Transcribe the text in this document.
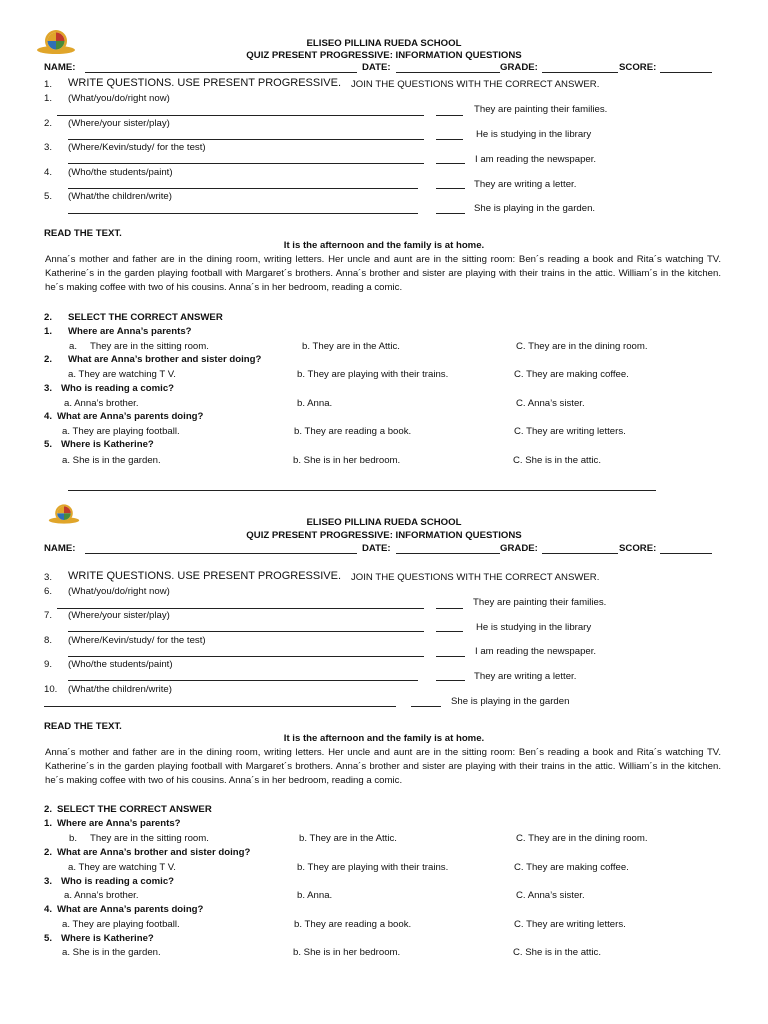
ELISEO PILLINA RUEDA SCHOOL
QUIZ PRESENT PROGRESSIVE: INFORMATION QUESTIONS
NAME:	DATE:	GRADE:	SCORE:
1. WRITE QUESTIONS. USE PRESENT PROGRESSIVE. JOIN THE QUESTIONS WITH THE CORRECT ANSWER.
1. (What/you/do/right now)
They are painting their families.
2. (Where/your sister/play)
He is studying in the library
3. (Where/Kevin/study/ for the test)
I am reading the newspaper.
4. (Who/the students/paint)
They are writing a letter.
5. (What/the children/write)
She is playing in the garden.
READ THE TEXT.
It is the afternoon and the family is at home.
Anna´s mother and father are in the dining room, writing letters. Her uncle and aunt are in the sitting room: Ben´s reading a book and Rita´s watching TV. Katherine´s in the garden playing football with Margaret´s brothers. Anna´s brother and sister are playing with their trains in the attic. William´s in the kitchen. he´s making coffee with two of his cousins. Anna´s in her bedroom, reading a comic.
2. SELECT THE CORRECT ANSWER
1. Where are Anna’s parents?
a. They are in the sitting room.	b. They are in the Attic.	C. They are in the dining room.
2. What are Anna’s brother and sister doing?
a. They are watching T V.	b. They are playing with their trains.	C. They are making coffee.
3. Who is reading a comic?
a. Anna’s brother.	b. Anna.	C. Anna’s sister.
4. What are Anna’s parents doing?
a. They are playing football.	b. They are reading a book.	C. They are writing letters.
5. Where is Katherine?
a. She is in the garden.	b. She is in her bedroom.	C. She is in the attic.
ELISEO PILLINA RUEDA SCHOOL
QUIZ PRESENT PROGRESSIVE: INFORMATION QUESTIONS
NAME:	DATE:	GRADE:	SCORE:
3. WRITE QUESTIONS. USE PRESENT PROGRESSIVE. JOIN THE QUESTIONS WITH THE CORRECT ANSWER.
6. (What/you/do/right now)
They are painting their families.
7. (Where/your sister/play)
He is studying in the library
8. (Where/Kevin/study/ for the test)
I am reading the newspaper.
9. (Who/the students/paint)
They are writing a letter.
10. (What/the children/write)
She is playing in the garden
READ THE TEXT.
It is the afternoon and the family is at home.
Anna´s mother and father are in the dining room, writing letters. Her uncle and aunt are in the sitting room: Ben´s reading a book and Rita´s watching TV. Katherine´s in the garden playing football with Margaret´s brothers. Anna´s brother and sister are playing with their trains in the attic. William´s in the kitchen. he´s making coffee with two of his cousins. Anna´s in her bedroom, reading a comic.
2. SELECT THE CORRECT ANSWER
1. Where are Anna’s parents?
b. They are in the sitting room.	b. They are in the Attic.	C. They are in the dining room.
2. What are Anna’s brother and sister doing?
a. They are watching T V.	b. They are playing with their trains.	C. They are making coffee.
3. Who is reading a comic?
a. Anna’s brother.	b. Anna.	C. Anna’s sister.
4. What are Anna’s parents doing?
a. They are playing football.	b. They are reading a book.	C. They are writing letters.
5. Where is Katherine?
a. She is in the garden.	b. She is in her bedroom.	C. She is in the attic.
